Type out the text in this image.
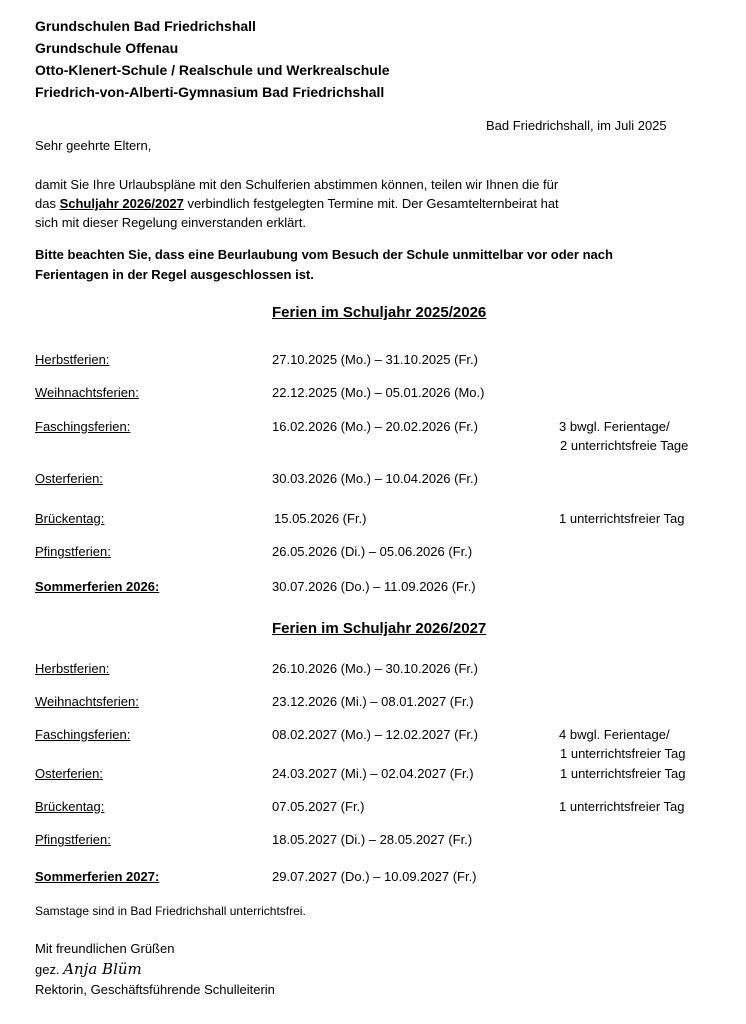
Grundschulen Bad Friedrichshall
Grundschule Offenau
Otto-Klenert-Schule / Realschule und Werkrealschule
Friedrich-von-Alberti-Gymnasium Bad Friedrichshall
Bad Friedrichshall, im Juli 2025
Sehr geehrte Eltern,
damit Sie Ihre Urlaubspläne mit den Schulferien abstimmen können, teilen wir Ihnen die für
das Schuljahr 2026/2027 verbindlich festgelegten Termine mit. Der Gesamtelternbeirat hat
sich mit dieser Regelung einverstanden erklärt.
Bitte beachten Sie, dass eine Beurlaubung vom Besuch der Schule unmittelbar vor oder nach
Ferientagen in der Regel ausgeschlossen ist.
Ferien im Schuljahr 2025/2026
Herbstferien:	27.10.2025 (Mo.) – 31.10.2025 (Fr.)
Weihnachtsferien:	22.12.2025 (Mo.) – 05.01.2026 (Mo.)
Faschingsferien:	16.02.2026 (Mo.) – 20.02.2026 (Fr.)	3 bwgl. Ferientage/
2 unterrichtsfreie Tage
Osterferien:	30.03.2026 (Mo.) – 10.04.2026 (Fr.)
Brückentag:	15.05.2026 (Fr.)	1 unterrichtsfreier Tag
Pfingstferien:	26.05.2026 (Di.) – 05.06.2026 (Fr.)
Sommerferien 2026:	30.07.2026 (Do.) – 11.09.2026 (Fr.)
Ferien im Schuljahr 2026/2027
Herbstferien:	26.10.2026 (Mo.) – 30.10.2026 (Fr.)
Weihnachtsferien:	23.12.2026 (Mi.) – 08.01.2027 (Fr.)
Faschingsferien:	08.02.2027 (Mo.) – 12.02.2027 (Fr.)	4 bwgl. Ferientage/
1 unterrichtsfreier Tag
Osterferien:	24.03.2027 (Mi.) – 02.04.2027 (Fr.)	1 unterrichtsfreier Tag
Brückentag:	07.05.2027 (Fr.)	1 unterrichtsfreier Tag
Pfingstferien:	18.05.2027 (Di.) – 28.05.2027 (Fr.)
Sommerferien 2027:	29.07.2027 (Do.) – 10.09.2027 (Fr.)
Samstage sind in Bad Friedrichshall unterrichtsfrei.
Mit freundlichen Grüßen
gez. Anja Blüm
Rektorin, Geschäftsführende Schulleiterin
